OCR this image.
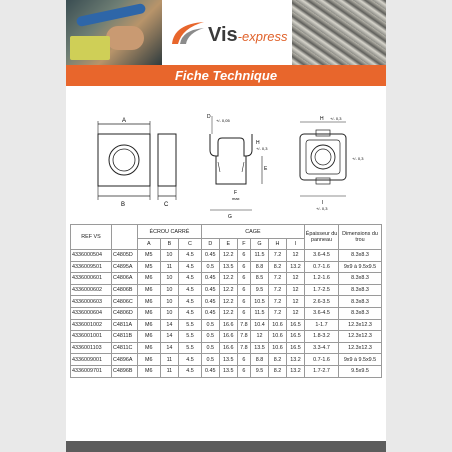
Vis-express
Fiche Technique
A
B	C
D
+/- 0,05
E
H
+/- 0,3
F
max
G
H +/- 0,3
I
+/- 0,3
+/- 0,3
REF VS		ÉCROU CARRÉ			CAGE						Épaisseur du panneau	Dimensions du trou
		A	B	C	D	E	F	G	H	I		
4336000504	C4805D	M5	10	4.5	0.45	12.2	6	11.5	7.2	12	3.6-4.5	8.3x8.3
4336009501	C4895A	M5	11	4.5	0.5	13.5	6	8.8	8.2	13.2	0.7-1.6	9x9 à 9.5x9.5
4336000601	C4806A	M6	10	4.5	0.45	12.2	6	8.5	7.2	12	1.2-1.6	8.3x8.3
4336000602	C4806B	M6	10	4.5	0.45	12.2	6	9.5	7.2	12	1.7-2.5	8.3x8.3
4336000603	C4806C	M6	10	4.5	0.45	12.2	6	10.5	7.2	12	2.6-3.5	8.3x8.3
4336000604	C4806D	M6	10	4.5	0.45	12.2	6	11.5	7.2	12	3.6-4.5	8.3x8.3
4336001002	C4811A	M6	14	5.5	0.5	16.6	7.8	10.4	10.6	16.5	1-1.7	12.3x12.3
4336001001	C4811B	M6	14	5.5	0.5	16.6	7.8	12	10.6	16.5	1.8-3.2	12.3x12.3
4336001103	C4811C	M6	14	5.5	0.5	16.6	7.8	13.5	10.6	16.5	3.3-4.7	12.3x12.3
4336009001	C4896A	M6	11	4.5	0.5	13.5	6	8.8	8.2	13.2	0.7-1.6	9x9 à 9.5x9.5
4336009701	C4896B	M6	11	4.5	0.45	13.5	6	9.5	8.2	13.2	1.7-2.7	9.5x9.5
